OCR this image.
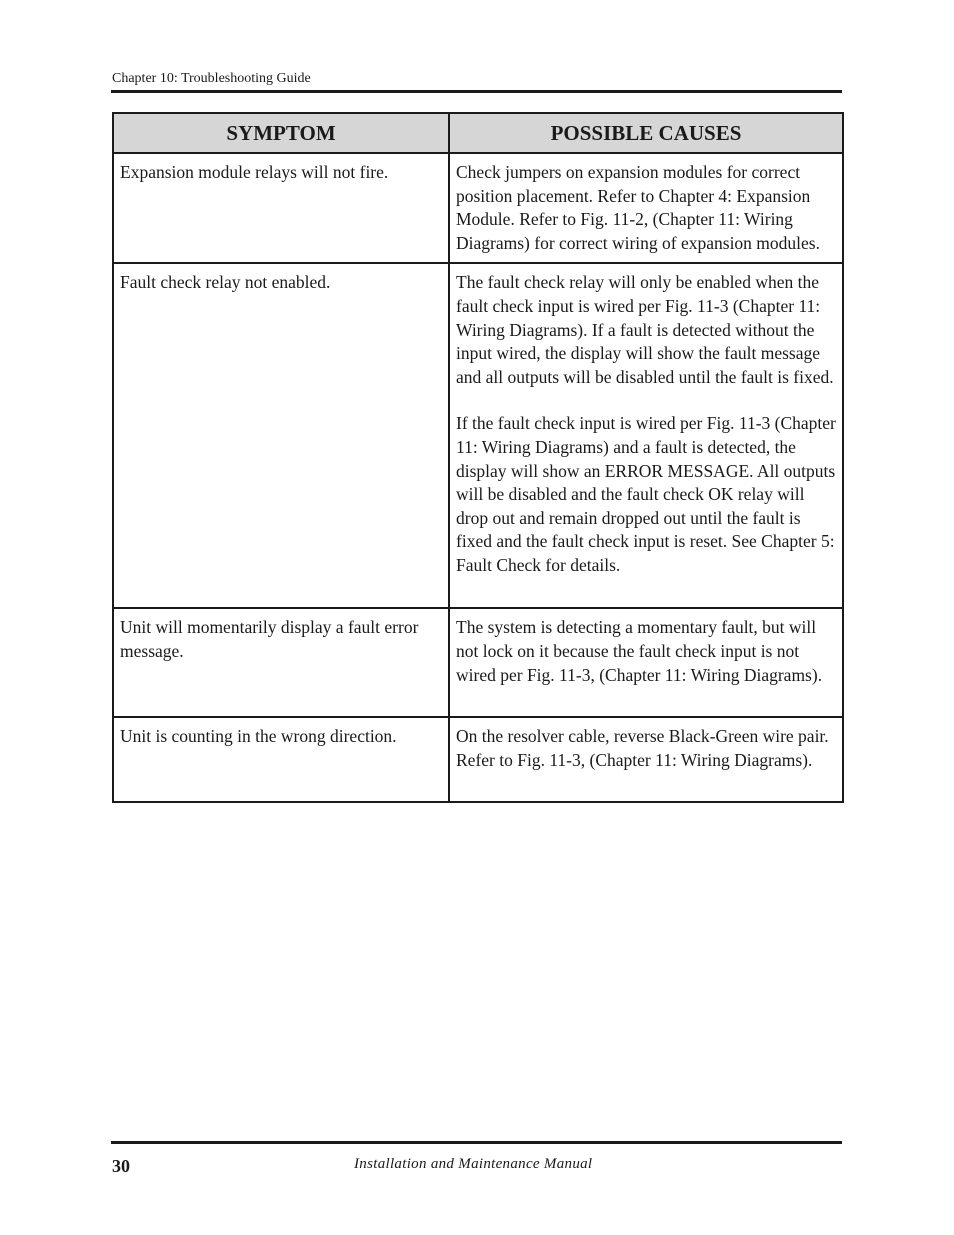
Chapter 10: Troubleshooting Guide
SYMPTOM	POSSIBLE CAUSES
Expansion module relays will not fire.	Check jumpers on expansion modules for correct position placement. Refer to Chapter 4: Expansion Module. Refer to Fig. 11-2, (Chapter 11: Wiring Diagrams) for correct wiring of expansion modules.

Fault check relay not enabled.	The fault check relay will only be enabled when the fault check input is wired per Fig. 11-3 (Chapter 11: Wiring Diagrams). If a fault is detected without the input wired, the display will show the fault message and all outputs will be disabled until the fault is fixed.
If the fault check input is wired per Fig. 11-3 (Chapter 11: Wiring Diagrams) and a fault is detected, the display will show an ERROR MESSAGE. All outputs will be disabled and the fault check OK relay will drop out and remain dropped out until the fault is fixed and the fault check input is reset. See Chapter 5: Fault Check for details.

Unit will momentarily display a fault error message.	The system is detecting a momentary fault, but will not lock on it because the fault check input is not wired per Fig. 11-3, (Chapter 11: Wiring Diagrams).

Unit is counting in the wrong direction.	On the resolver cable, reverse Black-Green wire pair. Refer to Fig. 11-3, (Chapter 11: Wiring Diagrams).
30	Installation and Maintenance Manual
